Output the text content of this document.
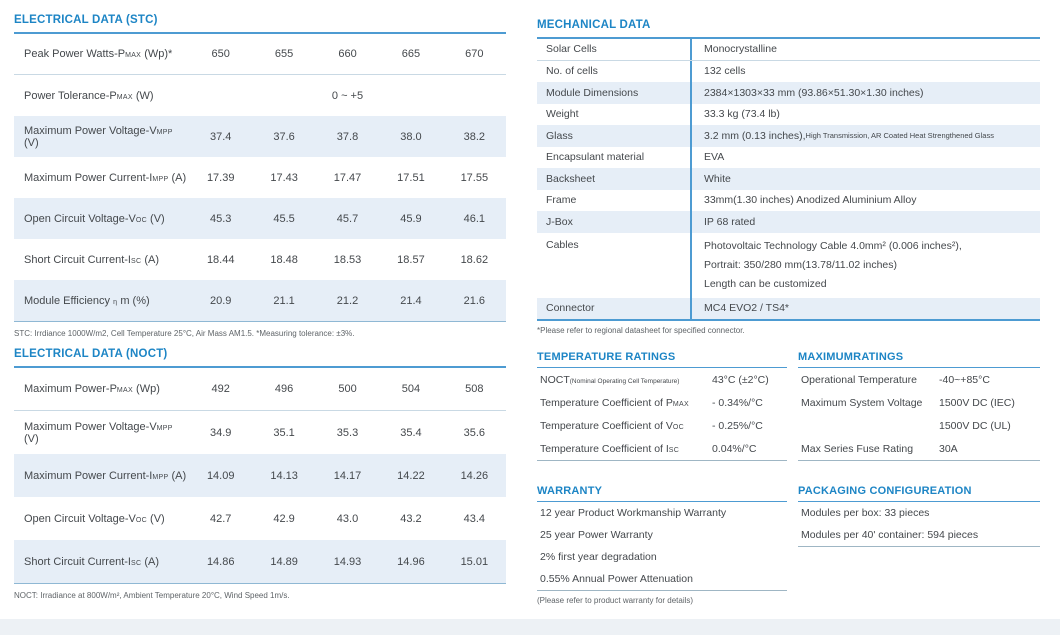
ELECTRICAL DATA (STC)
Peak Power Watts-PMAX (Wp)*	650	655	660	665	670
Power Tolerance-PMAX (W)	0 ~ +5
Maximum Power Voltage-VMPP (V)	37.4	37.6	37.8	38.0	38.2
Maximum Power Current-IMPP (A)	17.39	17.43	17.47	17.51	17.55
Open Circuit Voltage-VOC (V)	45.3	45.5	45.7	45.9	46.1
Short Circuit Current-ISC (A)	18.44	18.48	18.53	18.57	18.62
Module Efficiency η m (%)	20.9	21.1	21.2	21.4	21.6
STC: Irrdiance 1000W/m2, Cell Temperature 25°C, Air Mass AM1.5. *Measuring tolerance: ±3%.
ELECTRICAL DATA (NOCT)
Maximum Power-PMAX (Wp)	492	496	500	504	508
Maximum Power Voltage-VMPP (V)	34.9	35.1	35.3	35.4	35.6
Maximum Power Current-IMPP (A)	14.09	14.13	14.17	14.22	14.26
Open Circuit Voltage-VOC (V)	42.7	42.9	43.0	43.2	43.4
Short Circuit Current-ISC (A)	14.86	14.89	14.93	14.96	15.01
NOCT: Irradiance at 800W/m², Ambient Temperature 20°C, Wind Speed 1m/s.
MECHANICAL DATA
Solar Cells	Monocrystalline
No. of cells	132 cells
Module Dimensions	2384×1303×33 mm (93.86×51.30×1.30 inches)
Weight	33.3 kg (73.4 lb)
Glass	3.2 mm (0.13 inches), High Transmission, AR Coated Heat Strengthened Glass
Encapsulant material	EVA
Backsheet	White
Frame	33mm(1.30 inches) Anodized Aluminium Alloy
J-Box	IP 68 rated
Cables	Photovoltaic Technology Cable 4.0mm² (0.006 inches²),
Portrait: 350/280 mm(13.78/11.02 inches)
Length can be customized
Connector	MC4 EVO2 / TS4*
*Please refer to regional datasheet for specified connector.
TEMPERATURE RATINGS
NOCT(Nominal Operating Cell Temperature)	43°C (±2°C)
Temperature Coefficient of PMAX	- 0.34%/°C
Temperature Coefficient of VOC	- 0.25%/°C
Temperature Coefficient of ISC	0.04%/°C
MAXIMUMRATINGS
Operational Temperature	-40~+85°C
Maximum System Voltage	1500V DC (IEC)
1500V DC (UL)
Max Series Fuse Rating	30A
WARRANTY
12 year Product Workmanship Warranty
25 year Power Warranty
2% first year degradation
0.55% Annual Power Attenuation
(Please refer to product warranty for details)
PACKAGING CONFIGUREATION
Modules per box: 33 pieces
Modules per 40' container: 594 pieces
